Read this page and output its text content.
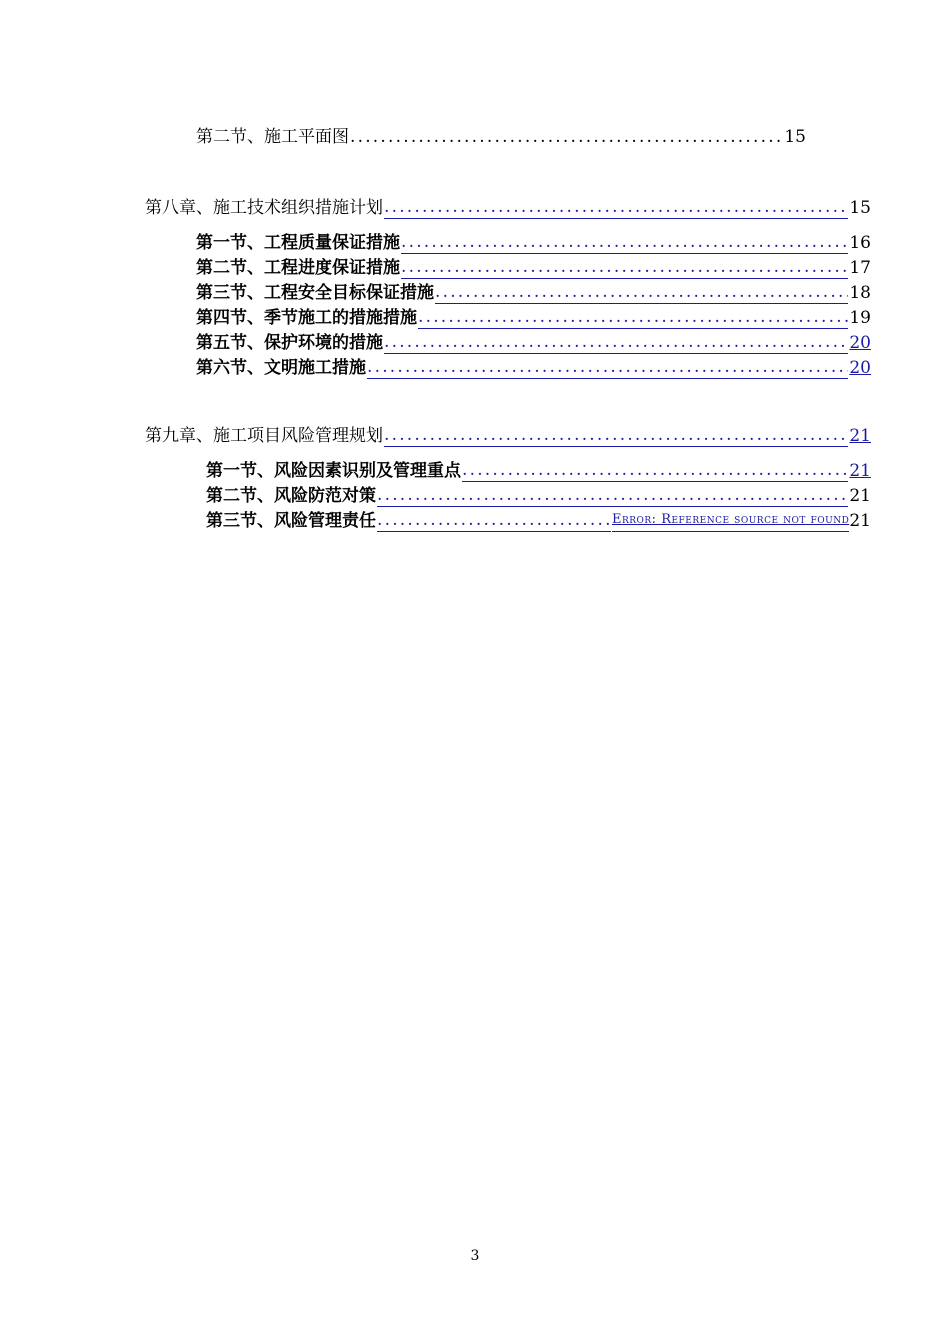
第二节、施工平面图 .....	15
第八章、施工技术组织措施计划 .....	15
第一节、工程质量保证措施 .....	16
第二节、工程进度保证措施 .....	17
第三节、工程安全目标保证措施 .....	18
第四节、季节施工的措施措施 .....	19
第五节、保护环境的措施 .....	20
第六节、文明施工措施 .....	20
第九章、施工项目风险管理规划 .....	21
第一节、风险因素识别及管理重点 .....	21
第二节、风险防范对策 .....	21
第三节、风险管理责任 .....	Error: Reference source not found 21
3
